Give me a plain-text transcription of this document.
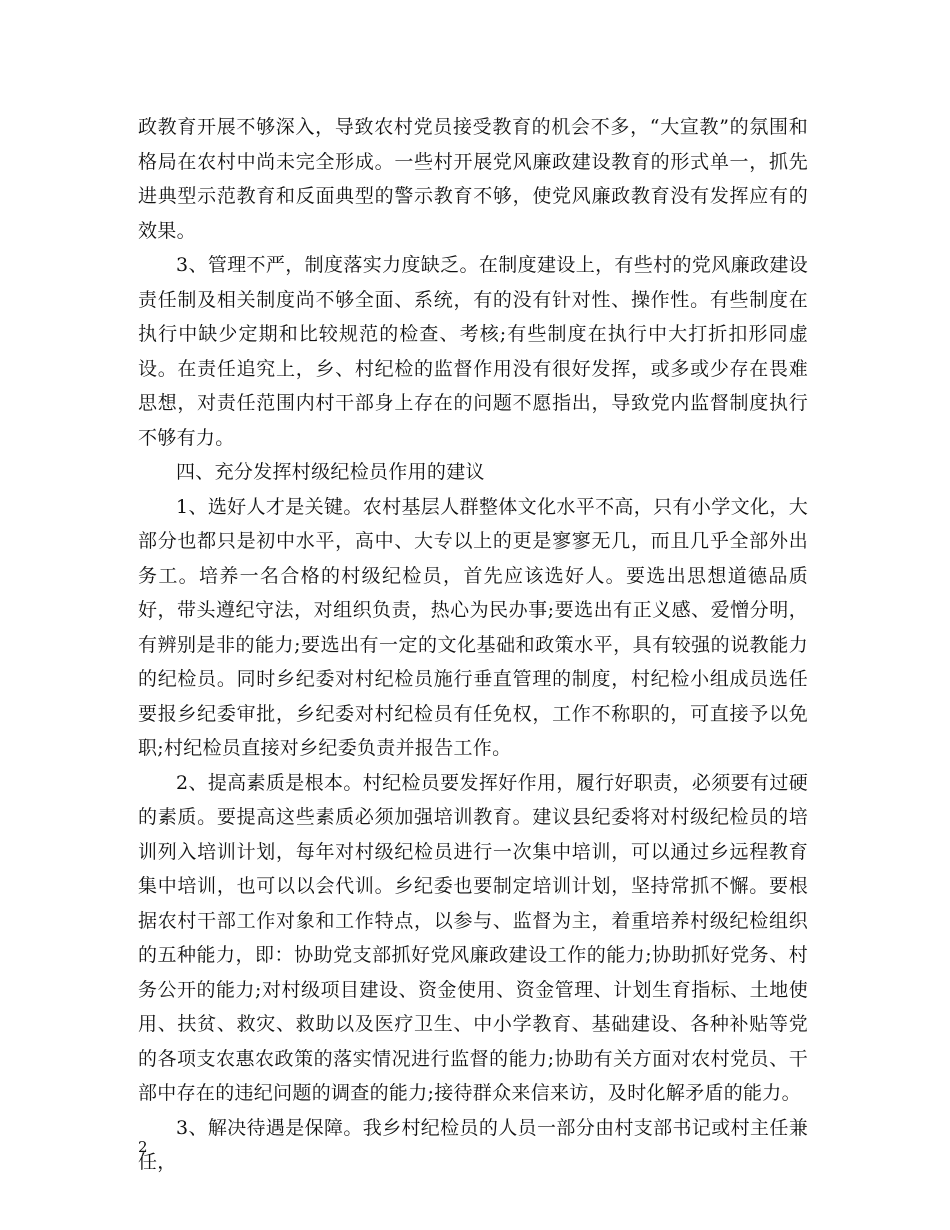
政教育开展不够深入，导致农村党员接受教育的机会不多，“大宣教”的氛围和格局在农村中尚未完全形成。一些村开展党风廉政建设教育的形式单一，抓先进典型示范教育和反面典型的警示教育不够，使党风廉政教育没有发挥应有的效果。

3、管理不严，制度落实力度缺乏。在制度建设上，有些村的党风廉政建设责任制及相关制度尚不够全面、系统，有的没有针对性、操作性。有些制度在执行中缺少定期和比较规范的检查、考核;有些制度在执行中大打折扣形同虚设。在责任追究上，乡、村纪检的监督作用没有很好发挥，或多或少存在畏难思想，对责任范围内村干部身上存在的问题不愿指出，导致党内监督制度执行不够有力。

四、充分发挥村级纪检员作用的建议

1、选好人才是关键。农村基层人群整体文化水平不高，只有小学文化，大部分也都只是初中水平，高中、大专以上的更是寥寥无几，而且几乎全部外出务工。培养一名合格的村级纪检员，首先应该选好人。要选出思想道德品质好，带头遵纪守法，对组织负责，热心为民办事;要选出有正义感、爱憎分明，有辨别是非的能力;要选出有一定的文化基础和政策水平，具有较强的说教能力的纪检员。同时乡纪委对村纪检员施行垂直管理的制度，村纪检小组成员选任要报乡纪委审批，乡纪委对村纪检员有任免权，工作不称职的，可直接予以免职;村纪检员直接对乡纪委负责并报告工作。

2、提高素质是根本。村纪检员要发挥好作用，履行好职责，必须要有过硬的素质。要提高这些素质必须加强培训教育。建议县纪委将对村级纪检员的培训列入培训计划，每年对村级纪检员进行一次集中培训，可以通过乡远程教育集中培训，也可以以会代训。乡纪委也要制定培训计划，坚持常抓不懈。要根据农村干部工作对象和工作特点，以参与、监督为主，着重培养村级纪检组织的五种能力，即：协助党支部抓好党风廉政建设工作的能力;协助抓好党务、村务公开的能力;对村级项目建设、资金使用、资金管理、计划生育指标、土地使用、扶贫、救灾、救助以及医疗卫生、中小学教育、基础建设、各种补贴等党的各项支农惠农政策的落实情况进行监督的能力;协助有关方面对农村党员、干部中存在的违纪问题的调查的能力;接待群众来信来访，及时化解矛盾的能力。

3、解决待遇是保障。我乡村纪检员的人员一部分由村支部书记或村主任兼任，

2
